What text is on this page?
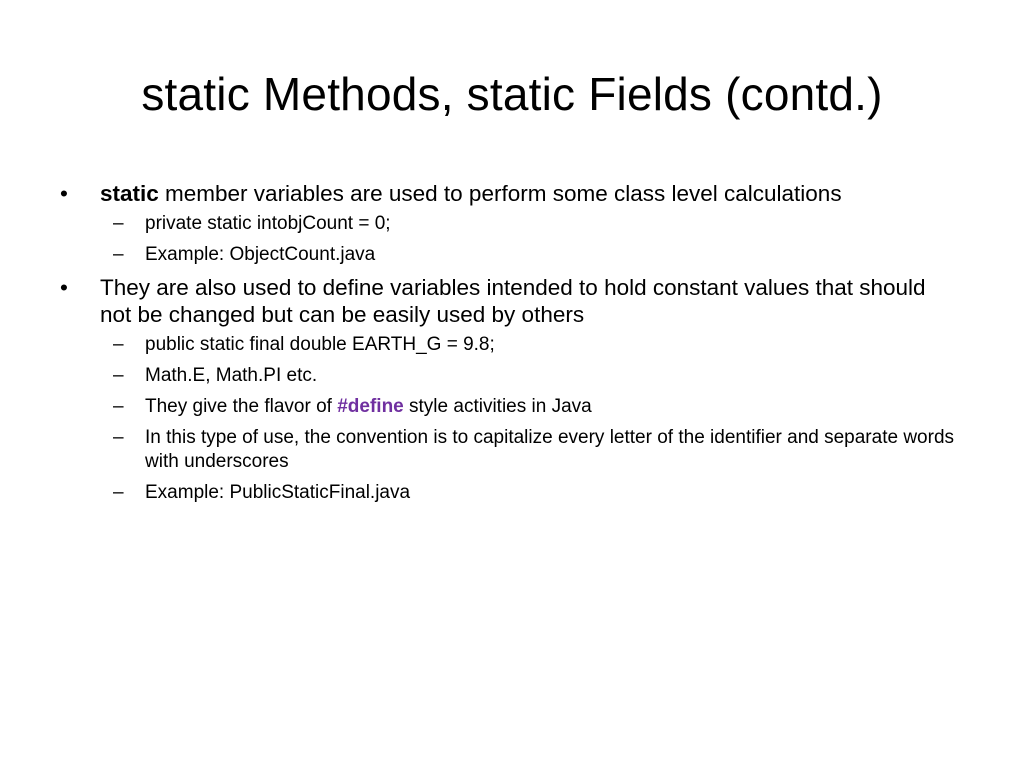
static Methods, static Fields (contd.)
• static member variables are used to perform some class level calculations
– private static intobjCount = 0;
– Example: ObjectCount.java
• They are also used to define variables intended to hold constant values that should not be changed but can be easily used by others
– public static final double EARTH_G = 9.8;
– Math.E, Math.PI etc.
– They give the flavor of #define style activities in Java
– In this type of use, the convention is to capitalize every letter of the identifier and separate words with underscores
– Example: PublicStaticFinal.java
